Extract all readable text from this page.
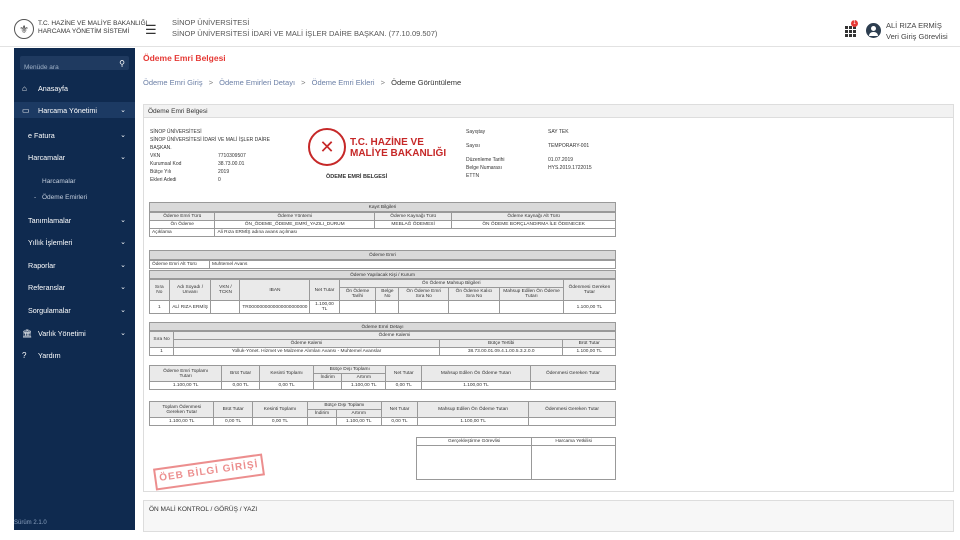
⚜	T.C. HAZİNE VE MALİYE BAKANLIĞI
HARCAMA YÖNETİM SİSTEMİ	☰ SİNOP ÜNİVERSİTESİ
SİNOP ÜNİVERSİTESİ İDARİ VE MALİ İŞLER DAİRE BAŞKAN. (77.10.09.507)
1	ALİ RIZA ERMİŞ
Veri Giriş Görevlisi
Menüde ara
⚲
⌂ Anasayfa
▭ Harcama Yönetimi	⌄
e Fatura	⌄
Harcamalar	⌄
Harcamalar
- Ödeme Emirleri
Tanımlamalar	⌄
Yıllık İşlemleri	⌄
Raporlar	⌄
Referanslar	⌄
Sorgulamalar	⌄
🏛 Varlık Yönetimi	⌄
? Yardım
Sürüm 2.1.0
Ödeme Emri Belgesi
Ödeme Emri Giriş > Ödeme Emirleri Detayı > Ödeme Emri Ekleri > Ödeme Görüntüleme
Ödeme Emri Belgesi
SİNOP ÜNİVERSİTESİ
SİNOP ÜNİVERSİTESİ İDARİ VE MALİ İŞLER DAİRE
BAŞKAN.
VKN	7710309507
Kurumsal Kod	38.73.00.01
Bütçe Yılı	2019
Ekleri Adedi	0
✕	T.C. HAZİNE VE MALİYE BAKANLIĞI
ÖDEME EMRİ BELGESİ
Sayıştay	SAY TEK
Sayısı	TEMPORARY-001
Düzenleme Tarihi	01.07.2019
Belge Numarası	HYS.2019.1722015
ETTN
Kayıt Bilgileri
Ödeme Emri Türü	Ödeme Yöntemi	Ödeme Kaynağı Türü	Ödeme Kaynağı Alt Türü
Ön Ödeme	ÖN_ÖDEME_ÖDEME_EMRİ_YAZILI_DURUM	MEBLAĞ ÖDEMESİ	ÖN ÖDEME BORÇLANDIRMA İLE ÖDENECEK
Açıklama	Ali Rıza ERMİŞ adına avans açılması		
Ödeme Emri
Ödeme Emri Alt Türü	Muhtemel Avans
Ödeme Yapılacak Kişi / Kurum
Sıra No	Adı Soyadı / Unvanı	VKN / TCKN	IBAN	Net Tutar	Ön Ödeme Mahsup Bilgileri					Ödenmesi Gereken Tutar
					Ön Ödeme Tarihi	Belge No	Ön Ödeme Emri Sıra No	Ön Ödeme Kalıcı Sıra No	Mahsup Edilen Ön Ödeme Tutarı	
1	ALİ RIZA ERMİŞ		TR0000000000000000000000	1.100,00 TL						1.100,00 TL
Ödeme Emri Detayı
Sıra No	Ödeme Kalemi		
	Ödeme Kalemi	Bütçe Tertibi	Brüt Tutar
1	Yolluk-Yönet. Hizmet ve Malzeme Alımları Avansı - Muhtemel Avanslar	38.73.00.01.09.4.1.00.5.3.2.0.0	1.100,00 TL
Ödeme Emri Toplamı
Tutarı	Brüt Tutar	Kesinti Toplamı	Bütçe Dışı Toplamı		Net Tutar	Mahsup Edilen Ön Ödeme Tutarı	Ödenmesi Gereken Tutar
			İndirim	Artırım			
1.100,00 TL	0,00 TL	0,00 TL		1.100,00 TL	0,00 TL	1.100,00 TL	
Toplam Ödenmesi
Gereken Tutar	Brüt Tutar	Kesinti Toplamı	Bütçe Dışı Toplamı		Net Tutar	Mahsup Edilen Ön Ödeme Tutarı	Ödenmesi Gereken Tutar
			İndirim	Artırım			
1.100,00 TL	0,00 TL	0,00 TL		1.100,00 TL	0,00 TL	1.100,00 TL	
Gerçekleştirme Görevlisi	Harcama Yetkilisi

ÖEB BİLGİ GİRİŞİ
ÖN MALİ KONTROL / GÖRÜŞ / YAZI
